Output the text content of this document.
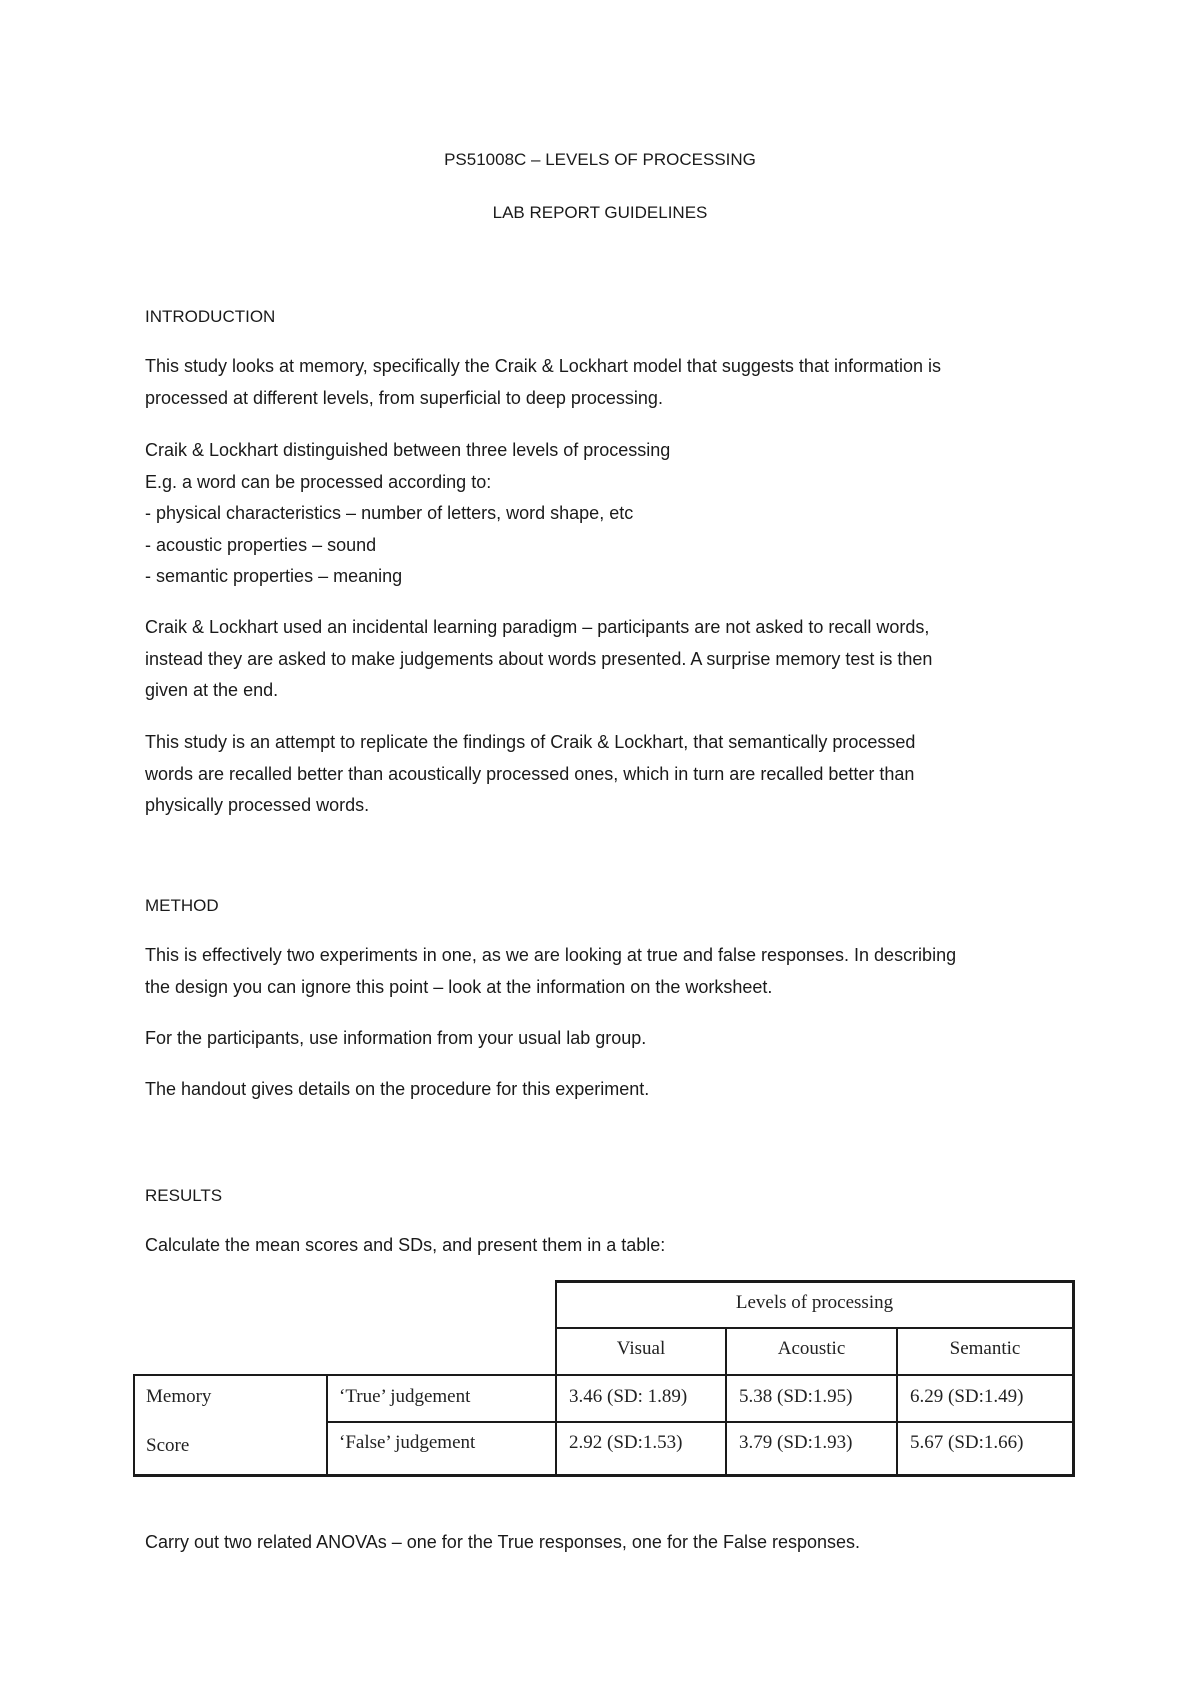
PS51008C – LEVELS OF PROCESSING
LAB REPORT GUIDELINES
INTRODUCTION
This study looks at memory, specifically the Craik & Lockhart model that suggests that information is
processed at different levels, from superficial to deep processing.
Craik & Lockhart distinguished between three levels of processing
E.g. a word can be processed according to:
- physical characteristics – number of letters, word shape, etc
- acoustic properties – sound
- semantic properties – meaning
Craik & Lockhart used an incidental learning paradigm – participants are not asked to recall words,
instead they are asked to make judgements about words presented. A surprise memory test is then
given at the end.
This study is an attempt to replicate the findings of Craik & Lockhart, that semantically processed
words are recalled better than acoustically processed ones, which in turn are recalled better than
physically processed words.
METHOD
This is effectively two experiments in one, as we are looking at true and false responses. In describing
the design you can ignore this point – look at the information on the worksheet.
For the participants, use information from your usual lab group.
The handout gives details on the procedure for this experiment.
RESULTS
Calculate the mean scores and SDs, and present them in a table:
Levels of processing
Visual	Acoustic	Semantic
Memory
Score
‘True’ judgement	3.46 (SD: 1.89)	5.38 (SD:1.95)	6.29 (SD:1.49)
‘False’ judgement	2.92 (SD:1.53)	3.79 (SD:1.93)	5.67 (SD:1.66)
Carry out two related ANOVAs – one for the True responses, one for the False responses.
